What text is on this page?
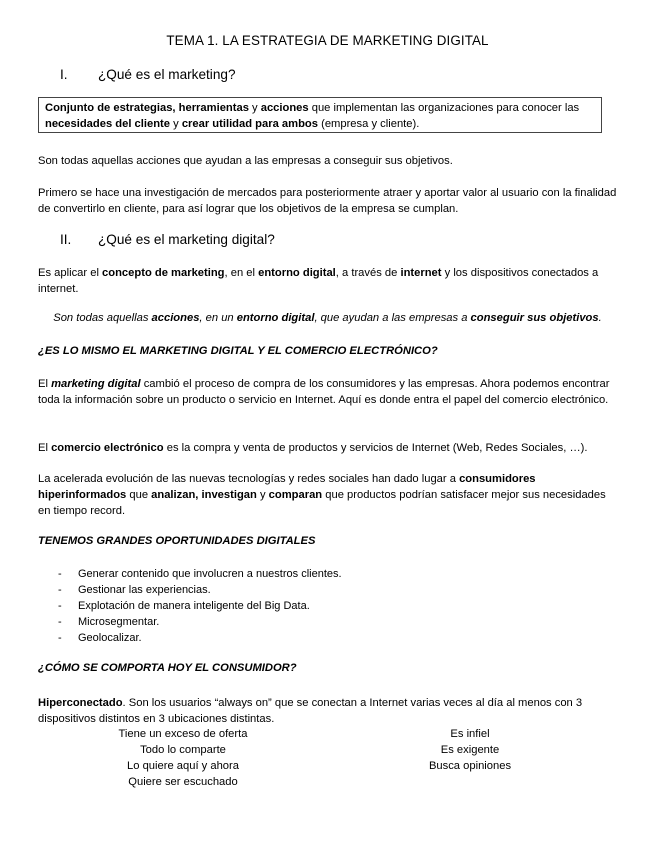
TEMA 1. LA ESTRATEGIA DE MARKETING DIGITAL
I. ¿Qué es el marketing?
Conjunto de estrategias, herramientas y acciones que implementan las organizaciones para conocer las necesidades del cliente y crear utilidad para ambos (empresa y cliente).
Son todas aquellas acciones que ayudan a las empresas a conseguir sus objetivos.
Primero se hace una investigación de mercados para posteriormente atraer y aportar valor al usuario con la finalidad de convertirlo en cliente, para así lograr que los objetivos de la empresa se cumplan.
II. ¿Qué es el marketing digital?
Es aplicar el concepto de marketing, en el entorno digital, a través de internet y los dispositivos conectados a internet.
Son todas aquellas acciones, en un entorno digital, que ayudan a las empresas a conseguir sus objetivos.
¿ES LO MISMO EL MARKETING DIGITAL Y EL COMERCIO ELECTRÓNICO?
El marketing digital cambió el proceso de compra de los consumidores y las empresas. Ahora podemos encontrar toda la información sobre un producto o servicio en Internet. Aquí es donde entra el papel del comercio electrónico.
El comercio electrónico es la compra y venta de productos y servicios de Internet (Web, Redes Sociales, …).
La acelerada evolución de las nuevas tecnologías y redes sociales han dado lugar a consumidores hiperinformados que analizan, investigan y comparan que productos podrían satisfacer mejor sus necesidades en tiempo record.
TENEMOS GRANDES OPORTUNIDADES DIGITALES
- Generar contenido que involucren a nuestros clientes.
- Gestionar las experiencias.
- Explotación de manera inteligente del Big Data.
- Microsegmentar.
- Geolocalizar.
¿CÓMO SE COMPORTA HOY EL CONSUMIDOR?
Hiperconectado. Son los usuarios “always on” que se conectan a Internet varias veces al día al menos con 3 dispositivos distintos en 3 ubicaciones distintas.
Tiene un exceso de oferta
Todo lo comparte
Lo quiere aquí y ahora
Quiere ser escuchado
Es infiel
Es exigente
Busca opiniones
